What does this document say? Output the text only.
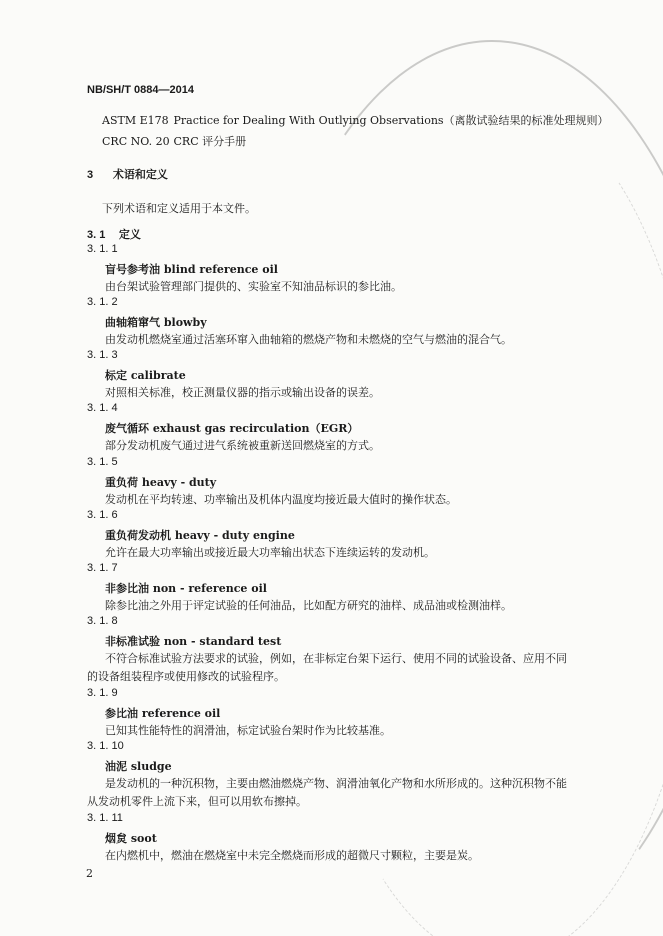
NB/SH/T 0884—2014
ASTM E178 Practice for Dealing With Outlying Observations（离散试验结果的标准处理规则）
CRC NO. 20 CRC 评分手册
3 术语和定义
下列术语和定义适用于本文件。
3. 1 定义
3. 1. 1
盲号参考油 blind reference oil
由台架试验管理部门提供的、实验室不知油品标识的参比油。
3. 1. 2
曲轴箱窜气 blowby
由发动机燃烧室通过活塞环窜入曲轴箱的燃烧产物和未燃烧的空气与燃油的混合气。
3. 1. 3
标定 calibrate
对照相关标准，校正测量仪器的指示或输出设备的误差。
3. 1. 4
废气循环 exhaust gas recirculation（EGR）
部分发动机废气通过进气系统被重新送回燃烧室的方式。
3. 1. 5
重负荷 heavy - duty
发动机在平均转速、功率输出及机体内温度均接近最大值时的操作状态。
3. 1. 6
重负荷发动机 heavy - duty engine
允许在最大功率输出或接近最大功率输出状态下连续运转的发动机。
3. 1. 7
非参比油 non - reference oil
除参比油之外用于评定试验的任何油品，比如配方研究的油样、成品油或检测油样。
3. 1. 8
非标准试验 non - standard test
不符合标准试验方法要求的试验，例如，在非标定台架下运行、使用不同的试验设备、应用不同
的设备组装程序或使用修改的试验程序。
3. 1. 9
参比油 reference oil
已知其性能特性的润滑油，标定试验台架时作为比较基准。
3. 1. 10
油泥 sludge
是发动机的一种沉积物，主要由燃油燃烧产物、润滑油氧化产物和水所形成的。这种沉积物不能
从发动机零件上流下来，但可以用软布擦掉。
3. 1. 11
烟炱 soot
在内燃机中，燃油在燃烧室中未完全燃烧而形成的超微尺寸颗粒，主要是炭。
2
